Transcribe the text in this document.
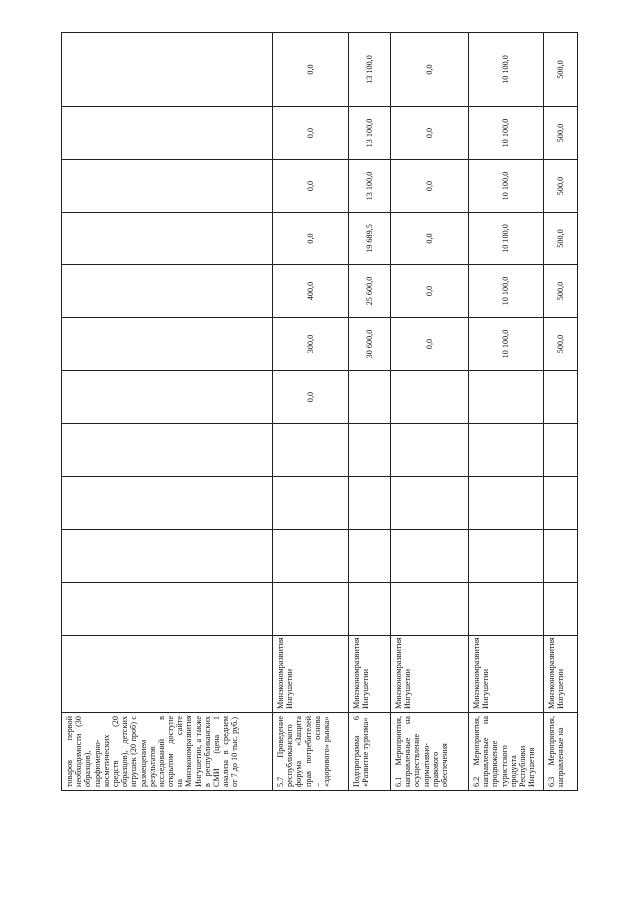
товаров первой необходимости (30 образцов), парфюмерно-косметических средств (20 образцов), детских игрушек (20 проб) с размещением результатов исследований в открытом доступе на сайте Минэкономразвития Ингушетии, а также в республиканских СМИ (цена 1 анализа в среднем от 7 до 10 тыс. руб.)												
5.7 Проведение республиканского форума «Защита прав потребителей – основа «здорового» рынка»	Минэкономразвития Ингушетии					0,0	300,0	400,0	0,0	0,0	0,0	0,0
Подпрограмма 6 «Развитие туризма»	Минэкономразвития Ингушетии						30 600,0	25 600,0	19 689,5	13 100,0	13 100,0	13 100,0
6.1 Мероприятия, направленные на осуществление нормативно-правового обеспечения	Минэкономразвития Ингушетии						0,0	0,0	0,0	0,0	0,0	0,0
6.2 Мероприятия, направленные на продвижение туристского продукта Республики Ингушетия	Минэкономразвития Ингушетии						10 100,0	10 100,0	10 100,0	10 100,0	10 100,0	10 100,0
6.3 Мероприятия, направленные на	Минэкономразвития Ингушетии						500,0	500,0	500,0	500,0	500,0	500,0
